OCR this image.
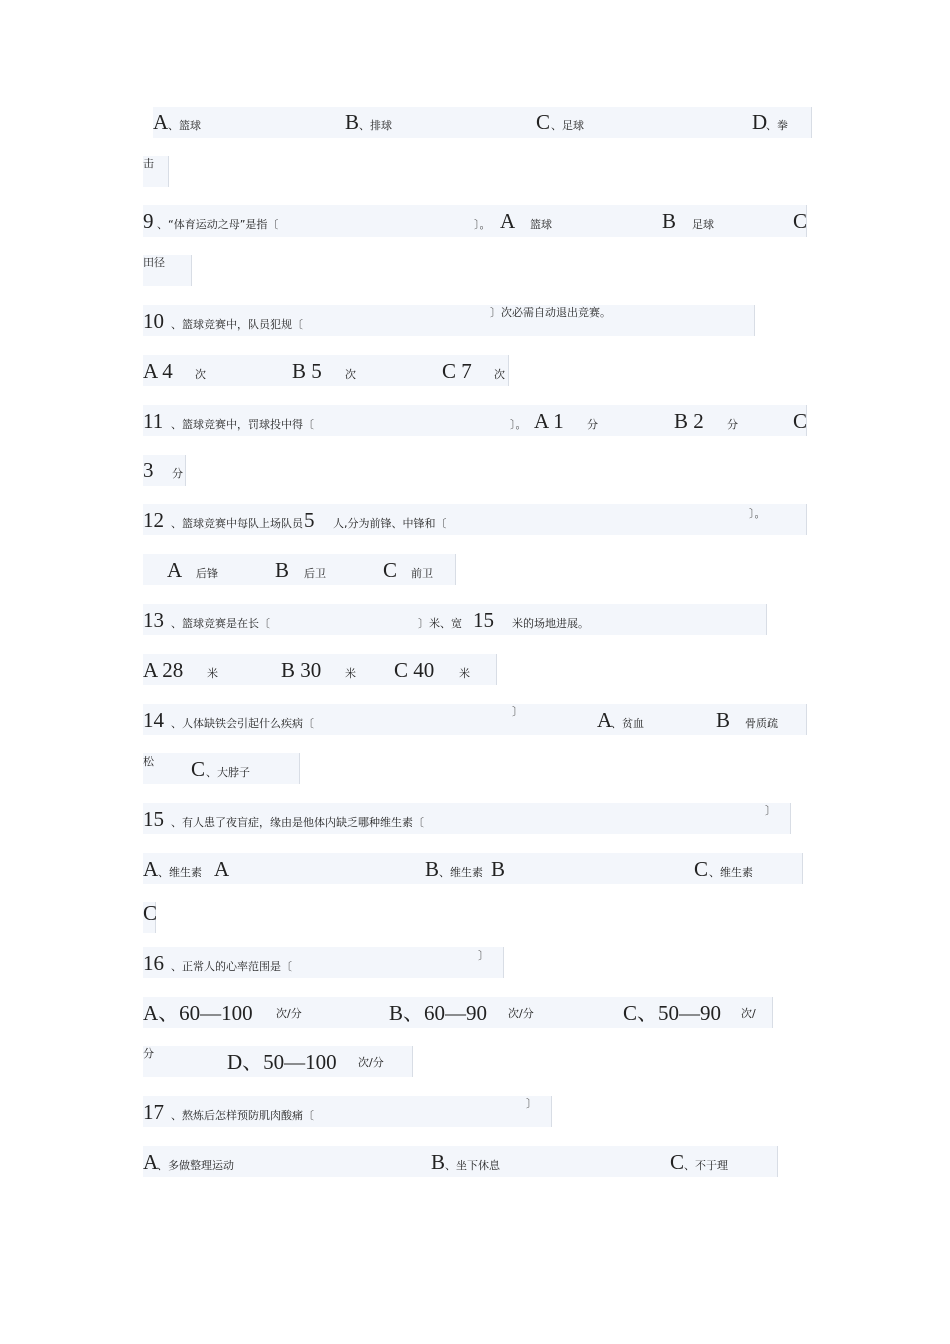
A 、篮球	B 、排球	C 、足球	D
、拳
击
9 、“体育运动之母”是指〔	〕。 A 篮球	B 足球	C
田径
10 、篮球竞赛中，队员犯规〔
〕次必需自动退出竞赛。
A 4 次	B 5 次	C 7 次
11 、篮球竞赛中，罚球投中得〔	〕。 A 1 分	B 2 分	C
3 分
12 、篮球竞赛中每队上场队员 5 人,分为前锋、中锋和〔
〕。
A 后锋	B 后卫	C 前卫
13 、篮球竞赛是在长〔	〕米、宽 15 米的场地进展。
A 28 米	B 30 米 C 40 米
14 、人体缺铁会引起什么疾病〔
〕	A
、贫血	B 骨质疏
松 C 、大脖子
15 、有人患了夜盲症，缘由是他体内缺乏哪种维生素〔
〕
A 、维生素 A	B 、维生素 B	C 、维生素
C
16 、正常人的心率范围是〔
〕
A、60—100 次/分	B、60—90 次/分	C、50—90 次/
分	D、50—100 次/分
17 、熬炼后怎样预防肌肉酸痛〔
〕
A
、多做整理运动	B 、坐下休息	C 、不于理
